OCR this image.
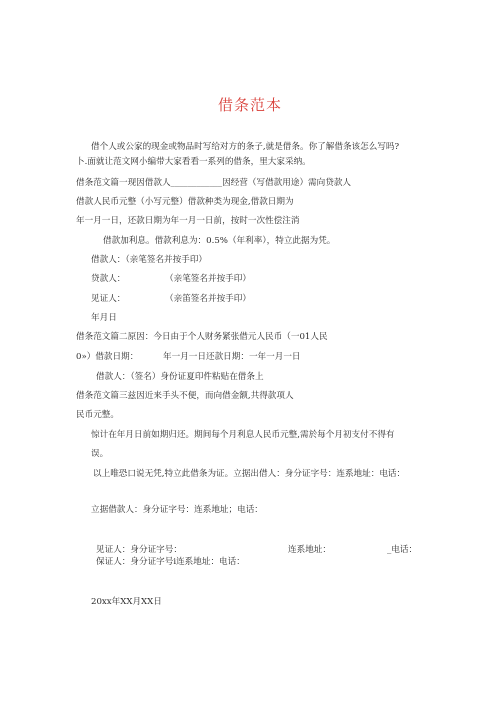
借条范本
借个人或公家的现金或物品时写给对方的条子,就是借条。你了解借条该怎么写吗?
卜.面就让范文网小编带大家看看一系列的借条，里大家采纳。
借条范文篇一现因借款人____________因经营（写借款用途）需向贷款人
借款人民币元整（小写元整）借款种类为现金,借款日期为
年一月一日，还款日期为年一月一日前，按时一次性偿注消
借款加利息。借款利息为：0.5%（年利率），特立此据为凭。
借款人：（亲笔签名并按手印）
贷款人：	（亲笔签名并按手印）
见证人：	（亲笛签名并按手印）
年月日
借条范文篇二原因：今日由于个人财务紧张借元人民币（一01人民
0»）借款日期：	年一月一日还款日期：一年一月一日
借款人：（签名）身份证夏印件粘贴在借条上
借条范文篇三兹因近来手头不便，而向借金额,共得款项人
民币元整。
惊计在年月日前如期归还。期间每个月利息人民币元整,需於每个月初支付不得有
误。
以上唯恐口说无凭,特立此借条为证。立据出借人：身分证字号：连系地址：电话：
立据借款人：身分证字号：连系地址；电话：
见证人：身分证字号：	连系地址：	_电话：
保证人：身分证字号i连系地址：电话：
20xx年XX月XX日
